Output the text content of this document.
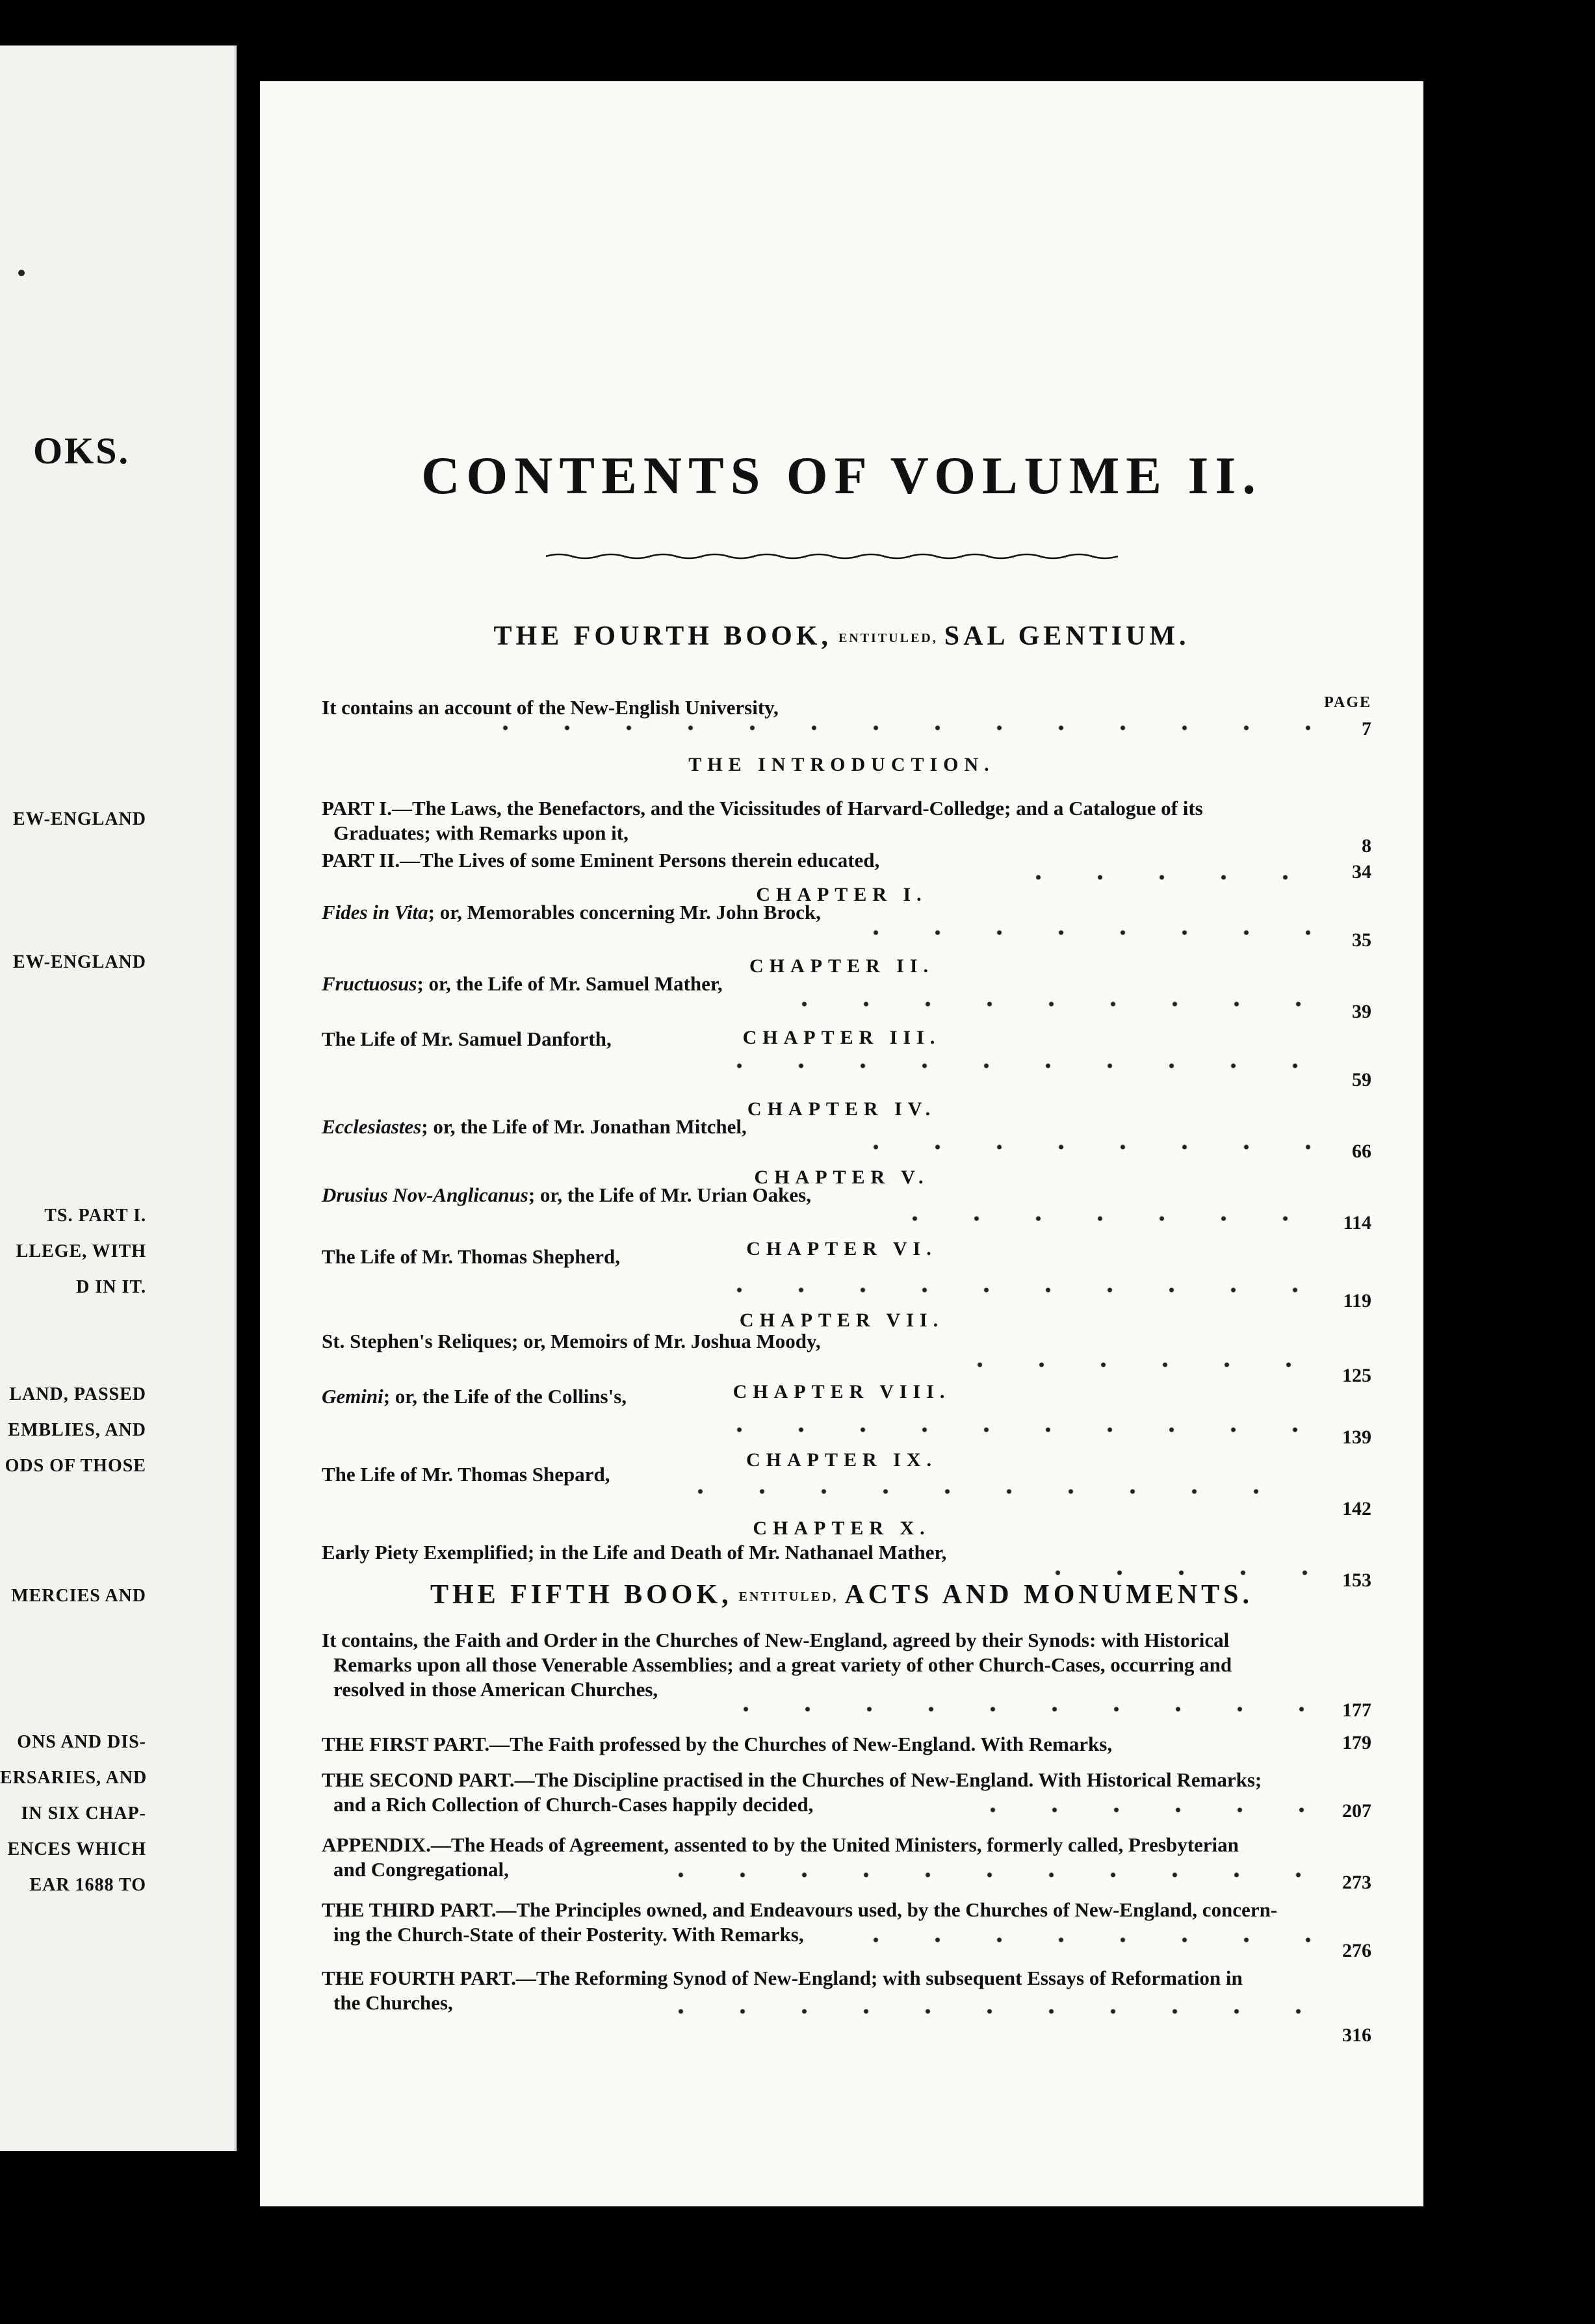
OKS.
EW-ENGLAND
EW-ENGLAND
TS. PART I.
LLEGE, WITH
D IN IT.
LAND, PASSED
EMBLIES, AND
ODS OF THOSE
MERCIES AND
ONS AND DIS-
ERSARIES, AND
IN SIX CHAP-
ENCES WHICH
EAR 1688 TO
CONTENTS OF VOLUME II.
THE FOURTH BOOK, ENTITULED, SAL GENTIUM.
PAGE
It contains an account of the New-English University,
7
THE INTRODUCTION.
PART I.—The Laws, the Benefactors, and the Vicissitudes of Harvard-Colledge; and a Catalogue of its
Graduates; with Remarks upon it,
8
PART II.—The Lives of some Eminent Persons therein educated,
34
CHAPTER I.
Fides in Vita; or, Memorables concerning Mr. John Brock,
35
CHAPTER II.
Fructuosus; or, the Life of Mr. Samuel Mather,
39
CHAPTER III.
The Life of Mr. Samuel Danforth,
59
CHAPTER IV.
Ecclesiastes; or, the Life of Mr. Jonathan Mitchel,
66
CHAPTER V.
Drusius Nov-Anglicanus; or, the Life of Mr. Urian Oakes,
114
CHAPTER VI.
The Life of Mr. Thomas Shepherd,
119
CHAPTER VII.
St. Stephen's Reliques; or, Memoirs of Mr. Joshua Moody,
125
CHAPTER VIII.
Gemini; or, the Life of the Collins's,
139
CHAPTER IX.
The Life of Mr. Thomas Shepard,
142
CHAPTER X.
Early Piety Exemplified; in the Life and Death of Mr. Nathanael Mather,
153
THE FIFTH BOOK, ENTITULED, ACTS AND MONUMENTS.
It contains, the Faith and Order in the Churches of New-England, agreed by their Synods: with Historical
Remarks upon all those Venerable Assemblies; and a great variety of other Church-Cases, occurring and
resolved in those American Churches,
177
THE FIRST PART.—The Faith professed by the Churches of New-England. With Remarks,	179
THE SECOND PART.—The Discipline practised in the Churches of New-England. With Historical Remarks;
and a Rich Collection of Church-Cases happily decided,	207
APPENDIX.—The Heads of Agreement, assented to by the United Ministers, formerly called, Presbyterian
and Congregational,
273
THE THIRD PART.—The Principles owned, and Endeavours used, by the Churches of New-England, concern-
ing the Church-State of their Posterity. With Remarks,
276
THE FOURTH PART.—The Reforming Synod of New-England; with subsequent Essays of Reformation in
the Churches,
316
